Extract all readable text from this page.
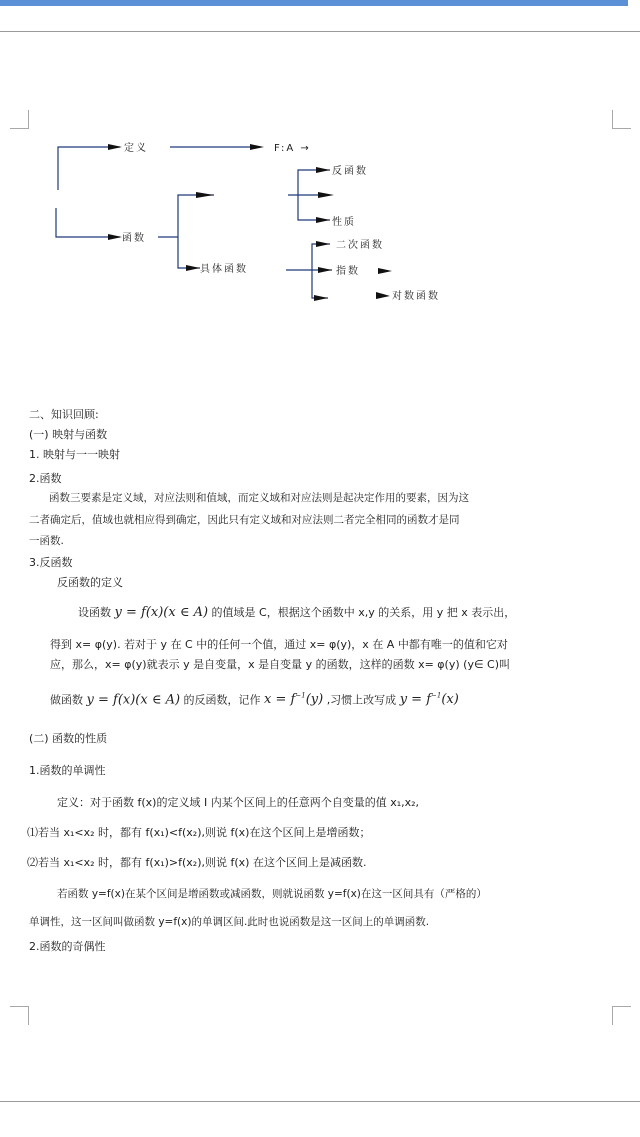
定义
函数
F:A →
具体函数
反函数
性质
二次函数
指数
对数函数
二、知识回顾:
(一) 映射与函数
1. 映射与一一映射
2.函数
函数三要素是定义域，对应法则和值域，而定义域和对应法则是起决定作用的要素，因为这
二者确定后，值域也就相应得到确定，因此只有定义域和对应法则二者完全相同的函数才是同
一函数.
3.反函数
反函数的定义
设函数 y = f(x)(x ∈ A) 的值域是 C，根据这个函数中 x,y 的关系，用 y 把 x 表示出，
得到 x= φ(y). 若对于 y 在 C 中的任何一个值，通过 x= φ(y)，x 在 A 中都有唯一的值和它对
应，那么，x= φ(y)就表示 y 是自变量，x 是自变量 y 的函数，这样的函数 x= φ(y) (y∈ C)叫
做函数 y = f(x)(x ∈ A) 的反函数，记作 $x = f^{-1}(y)$ ,习惯上改写成 $y = f^{-1}(x)$
(二) 函数的性质
1.函数的单调性
定义：对于函数 f(x)的定义域 I 内某个区间上的任意两个自变量的值 x₁,x₂,
⑴若当 x₁<x₂ 时，都有 f(x₁)<f(x₂),则说 f(x)在这个区间上是增函数；
⑵若当 x₁<x₂ 时，都有 f(x₁)>f(x₂),则说 f(x) 在这个区间上是减函数.
若函数 y=f(x)在某个区间是增函数或减函数，则就说函数 y=f(x)在这一区间具有（严格的）
单调性，这一区间叫做函数 y=f(x)的单调区间.此时也说函数是这一区间上的单调函数.
2.函数的奇偶性
